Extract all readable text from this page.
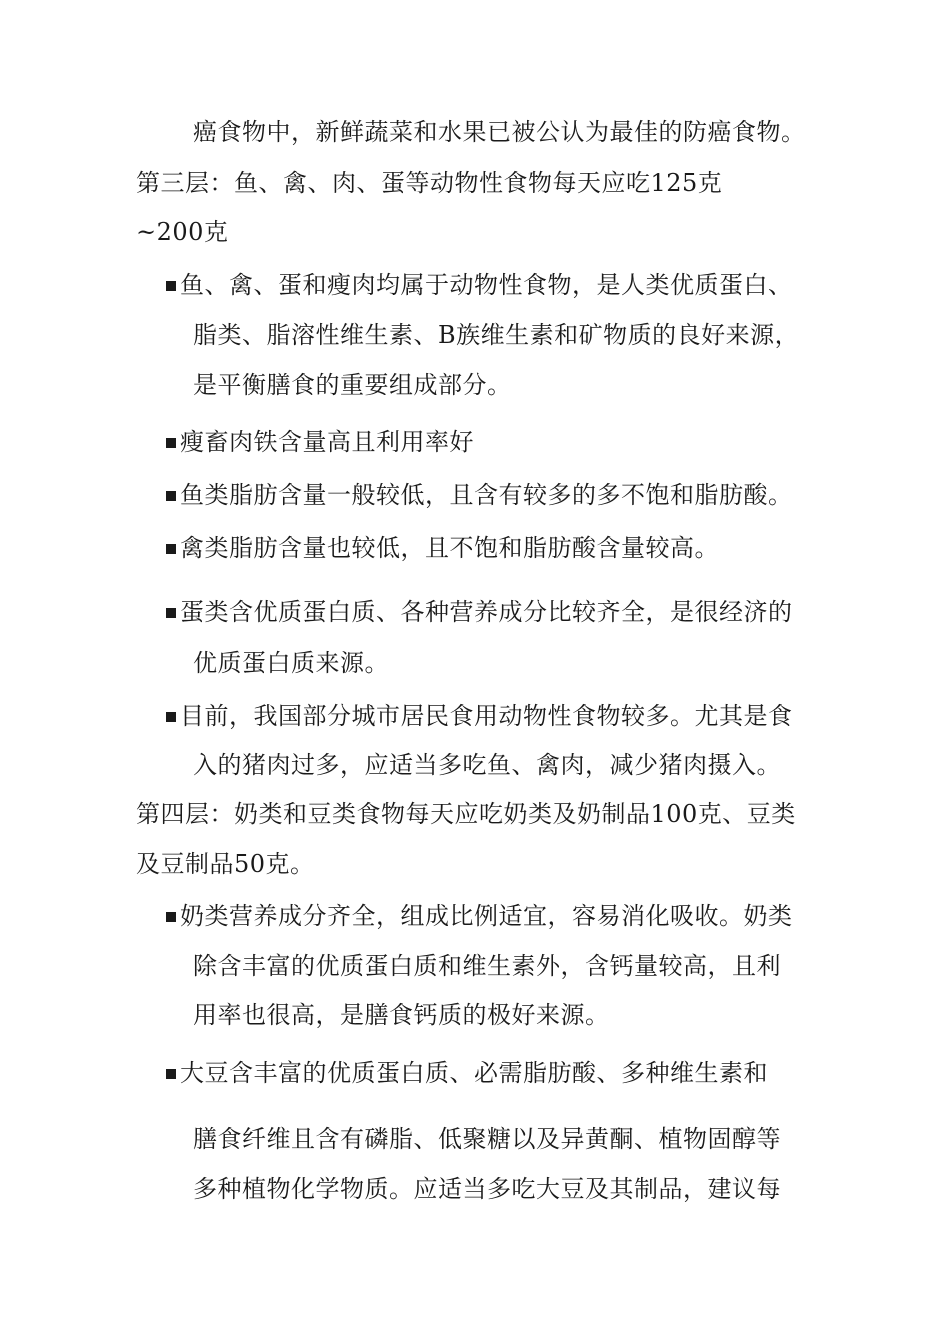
癌食物中，新鲜蔬菜和水果已被公认为最佳的防癌食物。
第三层：鱼、禽、肉、蛋等动物性食物每天应吃125克
~200克
鱼、禽、蛋和瘦肉均属于动物性食物，是人类优质蛋白、
脂类、脂溶性维生素、B族维生素和矿物质的良好来源，
是平衡膳食的重要组成部分。
瘦畜肉铁含量高且利用率好
鱼类脂肪含量一般较低，且含有较多的多不饱和脂肪酸。
禽类脂肪含量也较低，且不饱和脂肪酸含量较高。
蛋类含优质蛋白质、各种营养成分比较齐全，是很经济的
优质蛋白质来源。
目前，我国部分城市居民食用动物性食物较多。尤其是食
入的猪肉过多，应适当多吃鱼、禽肉，减少猪肉摄入。
第四层：奶类和豆类食物每天应吃奶类及奶制品100克、豆类
及豆制品50克。
奶类营养成分齐全，组成比例适宜，容易消化吸收。奶类
除含丰富的优质蛋白质和维生素外，含钙量较高，且利
用率也很高，是膳食钙质的极好来源。
大豆含丰富的优质蛋白质、必需脂肪酸、多种维生素和
膳食纤维且含有磷脂、低聚糖以及异黄酮、植物固醇等
多种植物化学物质。应适当多吃大豆及其制品，建议每
